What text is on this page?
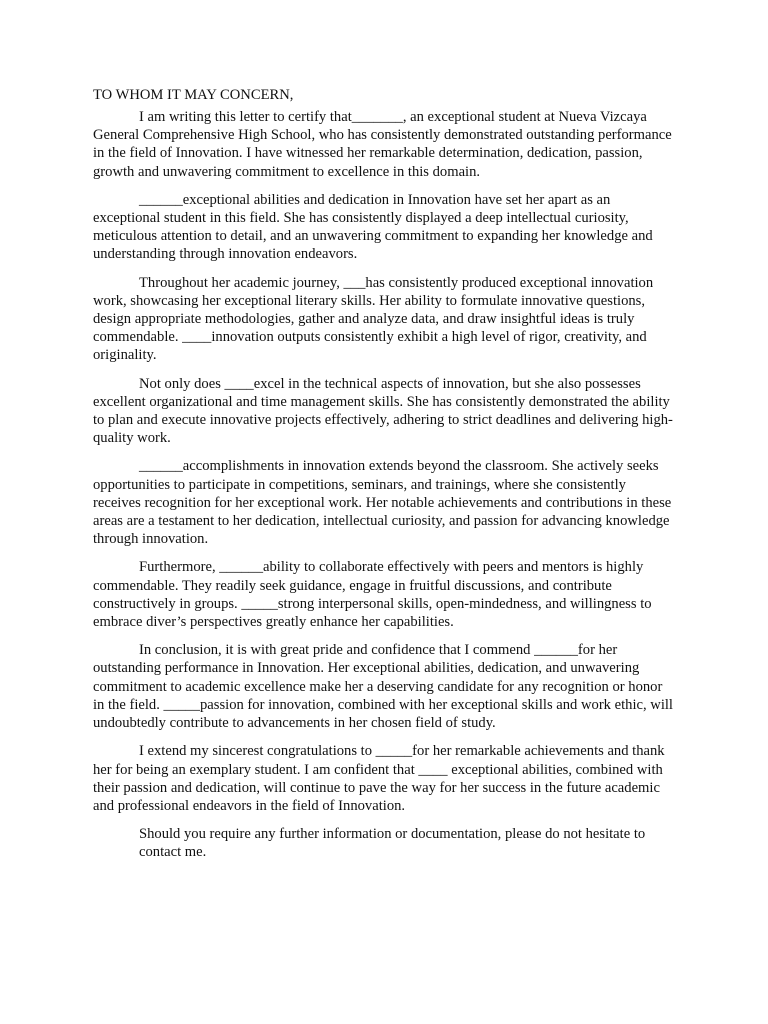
TO WHOM IT MAY CONCERN,

I am writing this letter to certify that_______, an exceptional student at Nueva Vizcaya General Comprehensive High School, who has consistently demonstrated outstanding performance in the field of Innovation. I have witnessed her remarkable determination, dedication, passion, growth and unwavering commitment to excellence in this domain.

______exceptional abilities and dedication in Innovation have set her apart as an exceptional student in this field. She has consistently displayed a deep intellectual curiosity, meticulous attention to detail, and an unwavering commitment to expanding her knowledge and understanding through innovation endeavors.

Throughout her academic journey, ___has consistently produced exceptional innovation work, showcasing her exceptional literary skills. Her ability to formulate innovative questions, design appropriate methodologies, gather and analyze data, and draw insightful ideas is truly commendable. ____innovation outputs consistently exhibit a high level of rigor, creativity, and originality.

Not only does ____excel in the technical aspects of innovation, but she also possesses excellent organizational and time management skills. She has consistently demonstrated the ability to plan and execute innovative projects effectively, adhering to strict deadlines and delivering high-quality work.

______accomplishments in innovation extends beyond the classroom. She actively seeks opportunities to participate in competitions, seminars, and trainings, where she consistently receives recognition for her exceptional work. Her notable achievements and contributions in these areas are a testament to her dedication, intellectual curiosity, and passion for advancing knowledge through innovation.

Furthermore, ______ability to collaborate effectively with peers and mentors is highly commendable. They readily seek guidance, engage in fruitful discussions, and contribute constructively in groups. _____strong interpersonal skills, open-mindedness, and willingness to embrace diver’s perspectives greatly enhance her capabilities.

In conclusion, it is with great pride and confidence that I commend ______for her outstanding performance in Innovation. Her exceptional abilities, dedication, and unwavering commitment to academic excellence make her a deserving candidate for any recognition or honor in the field. _____passion for innovation, combined with her exceptional skills and work ethic, will undoubtedly contribute to advancements in her chosen field of study.

I extend my sincerest congratulations to _____for her remarkable achievements and thank her for being an exemplary student. I am confident that ____ exceptional abilities, combined with their passion and dedication, will continue to pave the way for her success in the future academic and professional endeavors in the field of Innovation.

Should you require any further information or documentation, please do not hesitate to contact me.
